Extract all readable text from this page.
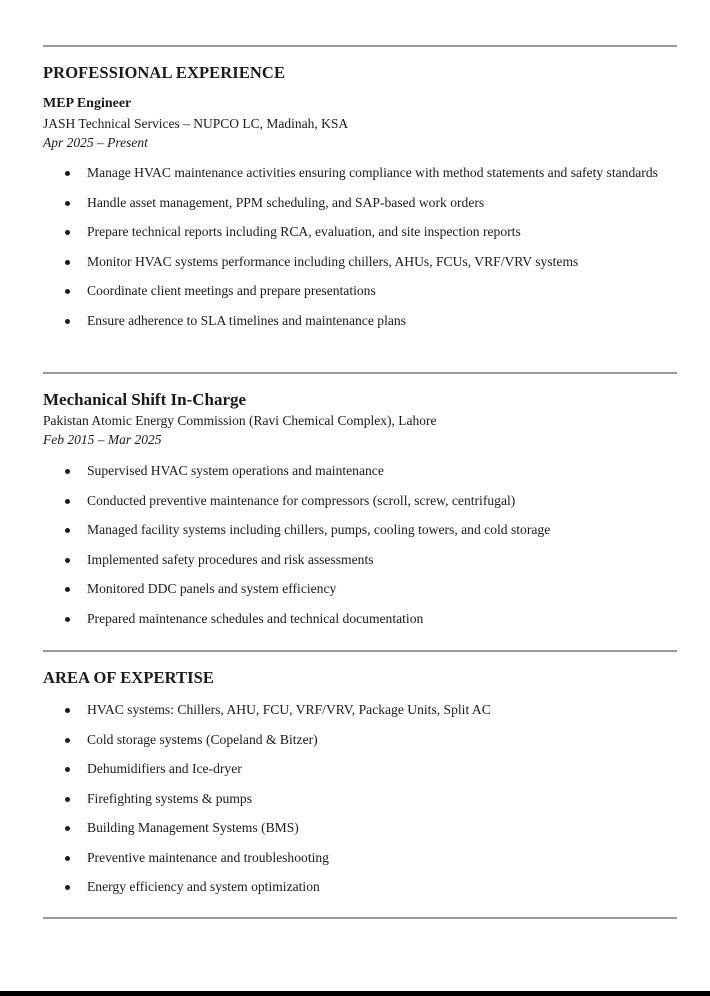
PROFESSIONAL EXPERIENCE
MEP Engineer
JASH Technical Services – NUPCO LC, Madinah, KSA
Apr 2025 – Present
Manage HVAC maintenance activities ensuring compliance with method statements and safety standards
Handle asset management, PPM scheduling, and SAP-based work orders
Prepare technical reports including RCA, evaluation, and site inspection reports
Monitor HVAC systems performance including chillers, AHUs, FCUs, VRF/VRV systems
Coordinate client meetings and prepare presentations
Ensure adherence to SLA timelines and maintenance plans
Mechanical Shift In-Charge
Pakistan Atomic Energy Commission (Ravi Chemical Complex), Lahore
Feb 2015 – Mar 2025
Supervised HVAC system operations and maintenance
Conducted preventive maintenance for compressors (scroll, screw, centrifugal)
Managed facility systems including chillers, pumps, cooling towers, and cold storage
Implemented safety procedures and risk assessments
Monitored DDC panels and system efficiency
Prepared maintenance schedules and technical documentation
AREA OF EXPERTISE
HVAC systems: Chillers, AHU, FCU, VRF/VRV, Package Units, Split AC
Cold storage systems (Copeland & Bitzer)
Dehumidifiers and Ice-dryer
Firefighting systems & pumps
Building Management Systems (BMS)
Preventive maintenance and troubleshooting
Energy efficiency and system optimization
